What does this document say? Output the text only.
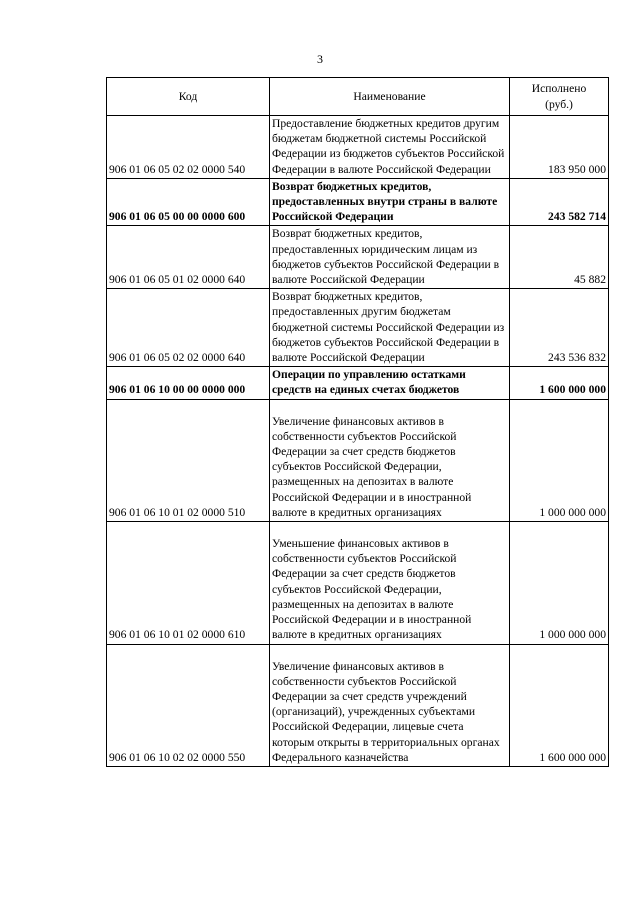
3
Код	Наименование	Исполнено
(руб.)
906 01 06 05 02 02 0000 540	Предоставление бюджетных кредитов другим бюджетам бюджетной системы Российской Федерации из бюджетов субъектов Российской Федерации в валюте Российской Федерации	183 950 000
906 01 06 05 00 00 0000 600	Возврат бюджетных кредитов, предоставленных внутри страны в валюте Российской Федерации	243 582 714
906 01 06 05 01 02 0000 640	Возврат бюджетных кредитов, предоставленных юридическим лицам из бюджетов субъектов Российской Федерации в валюте Российской Федерации	45 882
906 01 06 05 02 02 0000 640	Возврат бюджетных кредитов, предоставленных другим бюджетам бюджетной системы Российской Федерации из бюджетов субъектов Российской Федерации в валюте Российской Федерации	243 536 832
906 01 06 10 00 00 0000 000	Операции по управлению остатками средств на единых счетах бюджетов	1 600 000 000
906 01 06 10 01 02 0000 510	Увеличение финансовых активов в собственности субъектов Российской Федерации за счет средств бюджетов субъектов Российской Федерации, размещенных на депозитах в валюте Российской Федерации и в иностранной валюте в кредитных организациях	1 000 000 000
906 01 06 10 01 02 0000 610	Уменьшение финансовых активов в собственности субъектов Российской Федерации за счет средств бюджетов субъектов Российской Федерации, размещенных на депозитах в валюте Российской Федерации и в иностранной валюте в кредитных организациях	1 000 000 000
906 01 06 10 02 02 0000 550	Увеличение финансовых активов в собственности субъектов Российской Федерации за счет средств учреждений (организаций), учрежденных субъектами Российской Федерации, лицевые счета которым открыты в территориальных органах Федерального казначейства	1 600 000 000
